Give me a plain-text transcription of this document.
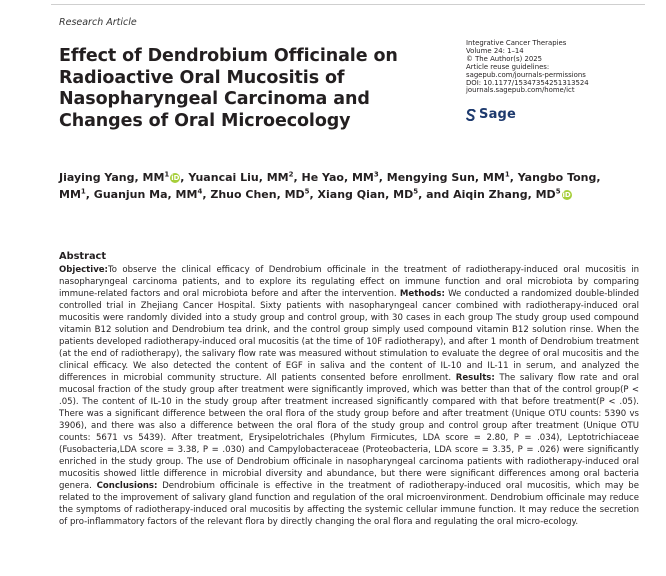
Research Article
Effect of Dendrobium Officinale on Radioactive Oral Mucositis of Nasopharyngeal Carcinoma and Changes of Oral Microecology
Integrative Cancer Therapies
Volume 24: 1–14
© The Author(s) 2025
Article reuse guidelines:
sagepub.com/journals-permissions
DOI: 10.1177/15347354251313524
journals.sagepub.com/home/ict
Sage
Jiaying Yang, $MM^1$ iD, Yuancai Liu, $MM^2$, He Yao, $MM^3$, Mengying Sun, $MM^1$, Yangbo Tong, $MM^1$, Guanjun Ma, $MM^4$, Zhuo Chen, $MD^5$, Xiang Qian, $MD^5$, and Aiqin Zhang, $MD^5$ iD
Abstract
Objective:To observe the clinical efficacy of Dendrobium officinale in the treatment of radiotherapy-induced oral mucositis in nasopharyngeal carcinoma patients, and to explore its regulating effect on immune function and oral microbiota by comparing immune-related factors and oral microbiota before and after the intervention. Methods: We conducted a randomized double-blinded controlled trial in Zhejiang Cancer Hospital. Sixty patients with nasopharyngeal cancer combined with radiotherapy-induced oral mucositis were randomly divided into a study group and control group, with 30 cases in each group The study group used compound vitamin B12 solution and Dendrobium tea drink, and the control group simply used compound vitamin B12 solution rinse. When the patients developed radiotherapy-induced oral mucositis (at the time of 10F radiotherapy), and after 1 month of Dendrobium treatment (at the end of radiotherapy), the salivary flow rate was measured without stimulation to evaluate the degree of oral mucositis and the clinical efficacy. We also detected the content of EGF in saliva and the content of IL-10 and IL-11 in serum, and analyzed the differences in microbial community structure. All patients consented before enrollment. Results: The salivary flow rate and oral mucosal fraction of the study group after treatment were significantly improved, which was better than that of the control group(P < .05). The content of IL-10 in the study group after treatment increased significantly compared with that before treatment(P < .05). There was a significant difference between the oral flora of the study group before and after treatment (Unique OTU counts: 5390 vs 3906), and there was also a difference between the oral flora of the study group and control group after treatment (Unique OTU counts: 5671 vs 5439). After treatment, Erysipelotrichales (Phylum Firmicutes, LDA score = 2.80, P = .034), Leptotrichiaceae (Fusobacteria,LDA score = 3.38, P = .030) and Campylobacteraceae (Proteobacteria, LDA score = 3.35, P = .026) were significantly enriched in the study group. The use of Dendrobium officinale in nasopharyngeal carcinoma patients with radiotherapy-induced oral mucositis showed little difference in microbial diversity and abundance, but there were significant differences among oral bacteria genera. Conclusions: Dendrobium officinale is effective in the treatment of radiotherapy-induced oral mucositis, which may be related to the improvement of salivary gland function and regulation of the oral microenvironment. Dendrobium officinale may reduce the symptoms of radiotherapy-induced oral mucositis by affecting the systemic cellular immune function. It may reduce the secretion of pro-inflammatory factors of the relevant flora by directly changing the oral flora and regulating the oral micro-ecology.
